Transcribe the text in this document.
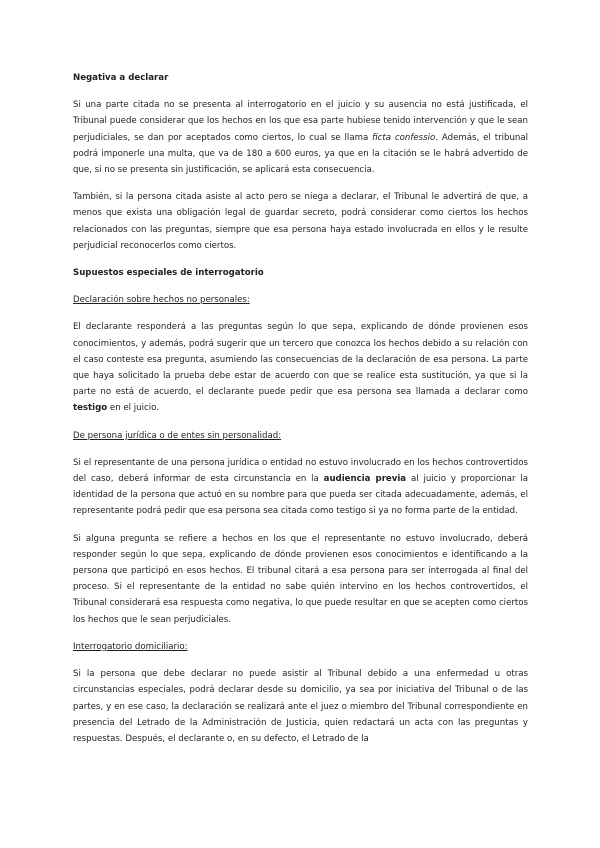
Negativa a declarar

Si una parte citada no se presenta al interrogatorio en el juicio y su ausencia no está justificada, el Tribunal puede considerar que los hechos en los que esa parte hubiese tenido intervención y que le sean perjudiciales, se dan por aceptados como ciertos, lo cual se llama ficta confessio. Además, el tribunal podrá imponerle una multa, que va de 180 a 600 euros, ya que en la citación se le habrá advertido de que, si no se presenta sin justificación, se aplicará esta consecuencia.

También, si la persona citada asiste al acto pero se niega a declarar, el Tribunal le advertirá de que, a menos que exista una obligación legal de guardar secreto, podrá considerar como ciertos los hechos relacionados con las preguntas, siempre que esa persona haya estado involucrada en ellos y le resulte perjudicial reconocerlos como ciertos.

Supuestos especiales de interrogatorio
Declaración sobre hechos no personales:

El declarante responderá a las preguntas según lo que sepa, explicando de dónde provienen esos conocimientos, y además, podrá sugerir que un tercero que conozca los hechos debido a su relación con el caso conteste esa pregunta, asumiendo las consecuencias de la declaración de esa persona. La parte que haya solicitado la prueba debe estar de acuerdo con que se realice esta sustitución, ya que si la parte no está de acuerdo, el declarante puede pedir que esa persona sea llamada a declarar como testigo en el juicio.

De persona jurídica o de entes sin personalidad:

Si el representante de una persona jurídica o entidad no estuvo involucrado en los hechos controvertidos del caso, deberá informar de esta circunstancia en la audiencia previa al juicio y proporcionar la identidad de la persona que actuó en su nombre para que pueda ser citada adecuadamente, además, el representante podrá pedir que esa persona sea citada como testigo si ya no forma parte de la entidad.

Si alguna pregunta se refiere a hechos en los que el representante no estuvo involucrado, deberá responder según lo que sepa, explicando de dónde provienen esos conocimientos e identificando a la persona que participó en esos hechos. El tribunal citará a esa persona para ser interrogada al final del proceso. Si el representante de la entidad no sabe quién intervino en los hechos controvertidos, el Tribunal considerará esa respuesta como negativa, lo que puede resultar en que se acepten como ciertos los hechos que le sean perjudiciales.

Interrogatorio domiciliario:

Si la persona que debe declarar no puede asistir al Tribunal debido a una enfermedad u otras circunstancias especiales, podrá declarar desde su domicilio, ya sea por iniciativa del Tribunal o de las partes, y en ese caso, la declaración se realizará ante el juez o miembro del Tribunal correspondiente en presencia del Letrado de la Administración de Justicia, quien redactará un acta con las preguntas y respuestas. Después, el declarante o, en su defecto, el Letrado de la
